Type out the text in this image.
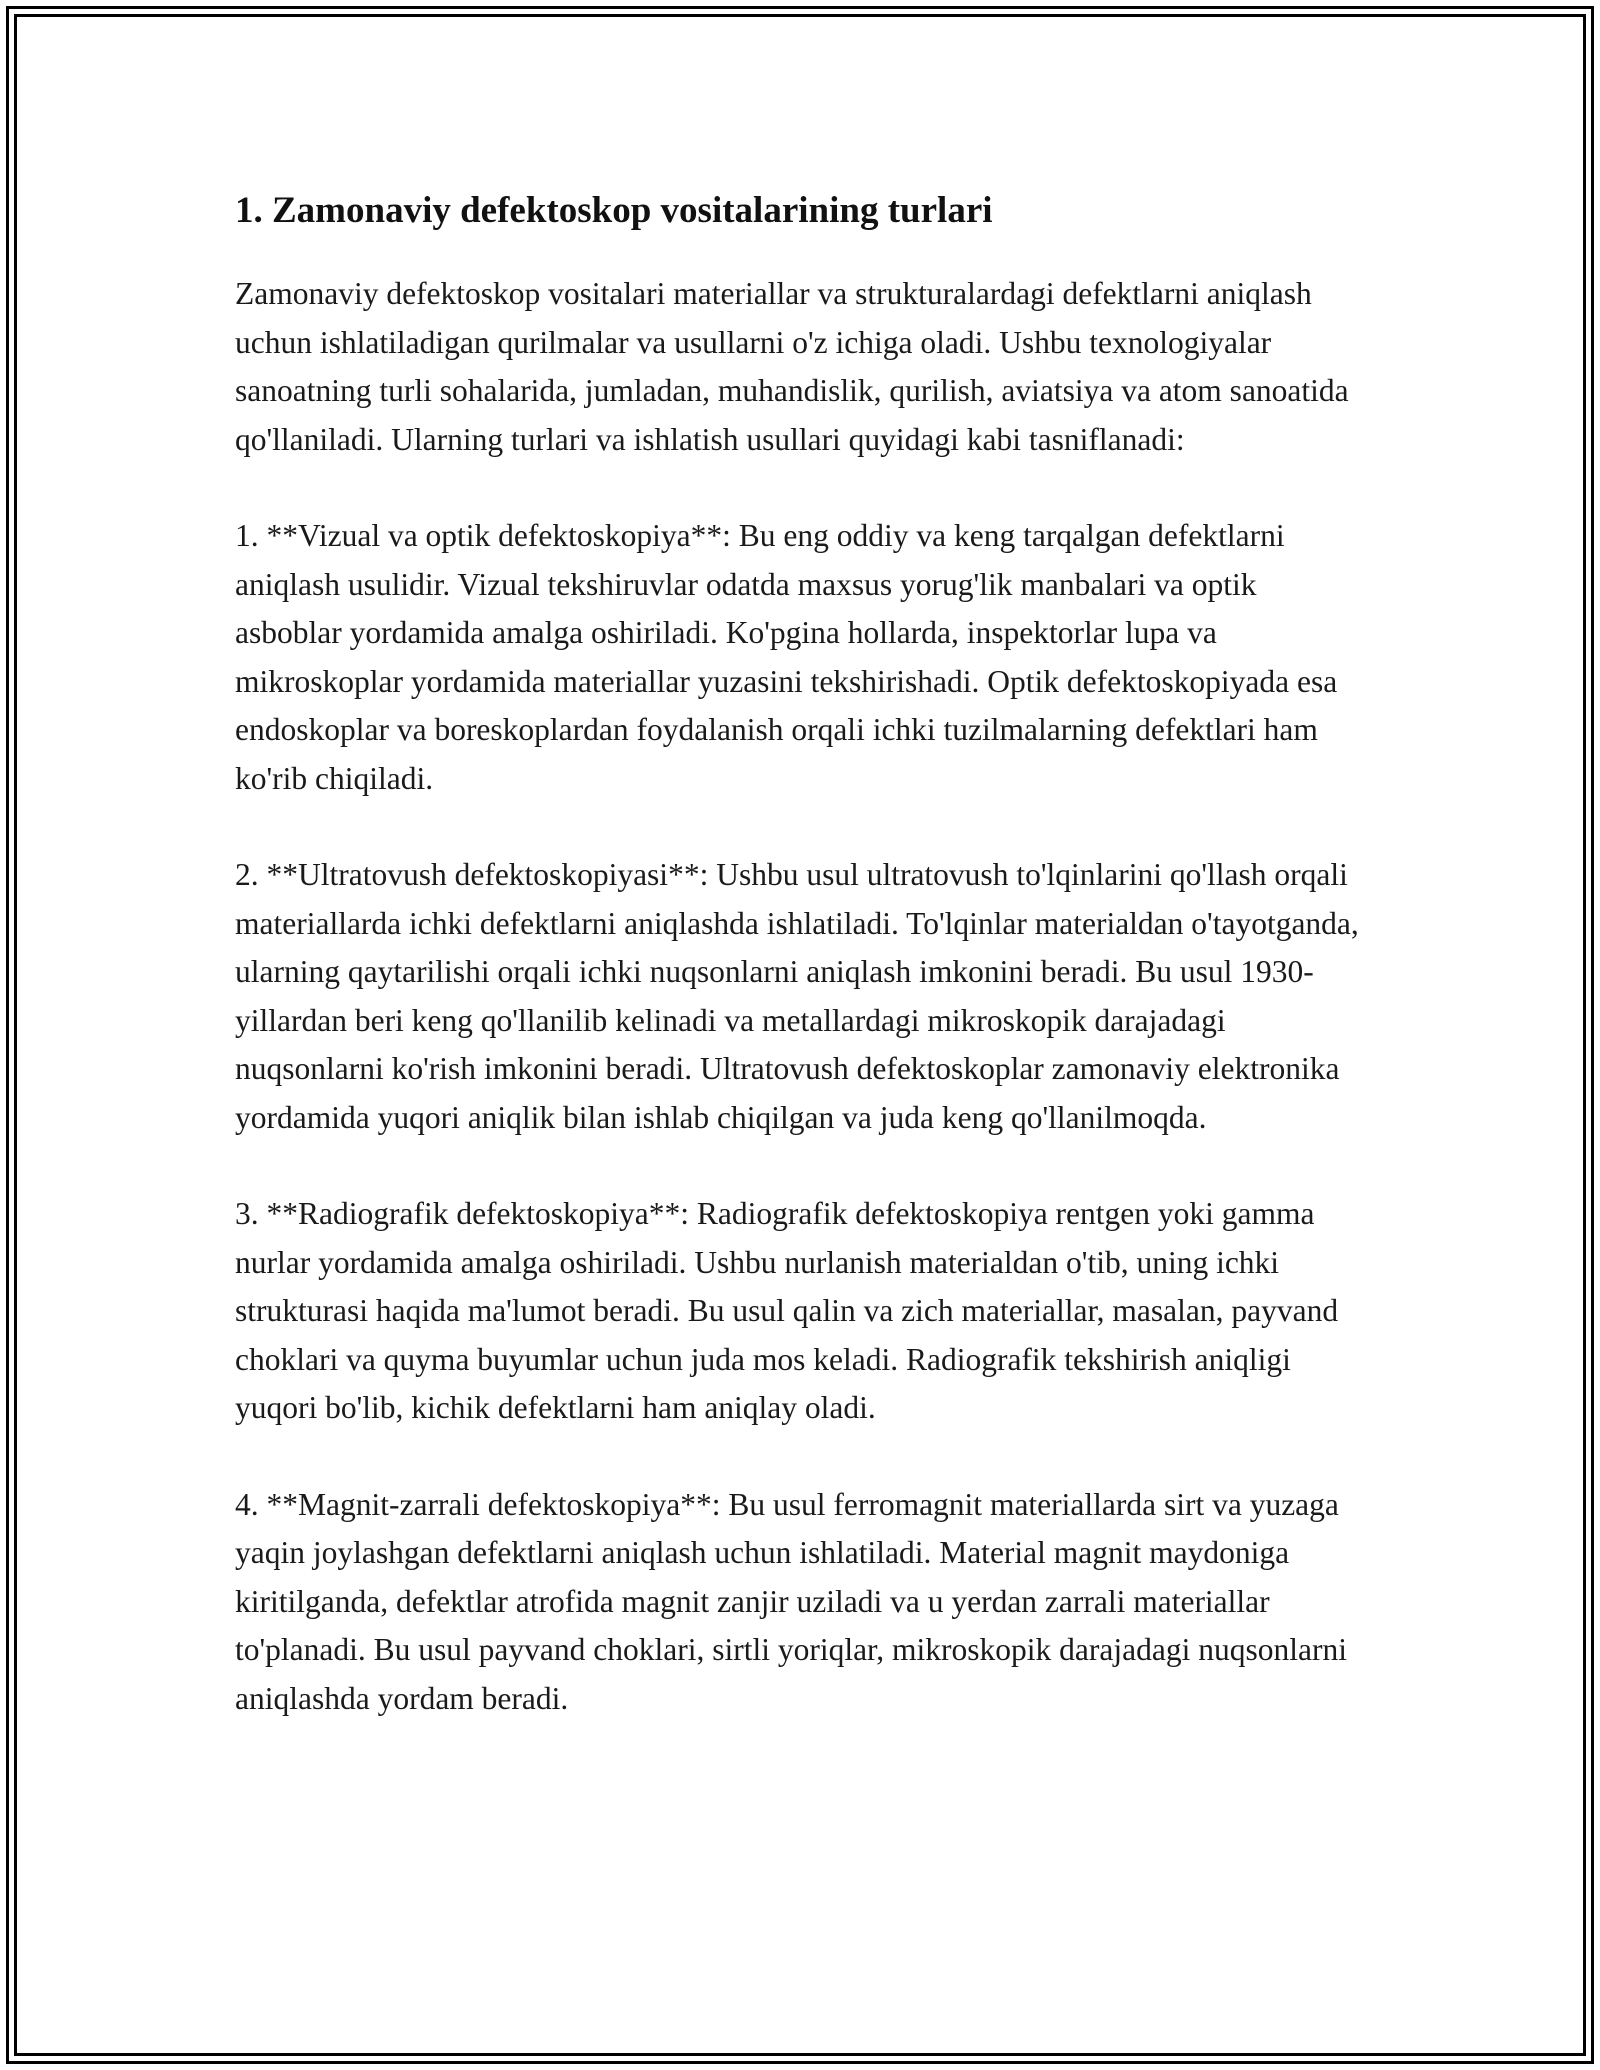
1. Zamonaviy defektoskop vositalarining turlari

Zamonaviy defektoskop vositalari materiallar va strukturalardagi defektlarni aniqlash uchun ishlatiladigan qurilmalar va usullarni o'z ichiga oladi. Ushbu texnologiyalar sanoatning turli sohalarida, jumladan, muhandislik, qurilish, aviatsiya va atom sanoatida qo'llaniladi. Ularning turlari va ishlatish usullari quyidagi kabi tasniflanadi:

1. **Vizual va optik defektoskopiya**: Bu eng oddiy va keng tarqalgan defektlarni aniqlash usulidir. Vizual tekshiruvlar odatda maxsus yorug'lik manbalari va optik asboblar yordamida amalga oshiriladi. Ko'pgina hollarda, inspektorlar lupa va mikroskoplar yordamida materiallar yuzasini tekshirishadi. Optik defektoskopiyada esa endoskoplar va boreskoplardan foydalanish orqali ichki tuzilmalarning defektlari ham ko'rib chiqiladi.

2. **Ultratovush defektoskopiyasi**: Ushbu usul ultratovush to'lqinlarini qo'llash orqali materiallarda ichki defektlarni aniqlashda ishlatiladi. To'lqinlar materialdan o'tayotganda, ularning qaytarilishi orqali ichki nuqsonlarni aniqlash imkonini beradi. Bu usul 1930-yillardan beri keng qo'llanilib kelinadi va metallardagi mikroskopik darajadagi nuqsonlarni ko'rish imkonini beradi. Ultratovush defektoskoplar zamonaviy elektronika yordamida yuqori aniqlik bilan ishlab chiqilgan va juda keng qo'llanilmoqda.

3. **Radiografik defektoskopiya**: Radiografik defektoskopiya rentgen yoki gamma nurlar yordamida amalga oshiriladi. Ushbu nurlanish materialdan o'tib, uning ichki strukturasi haqida ma'lumot beradi. Bu usul qalin va zich materiallar, masalan, payvand choklari va quyma buyumlar uchun juda mos keladi. Radiografik tekshirish aniqligi yuqori bo'lib, kichik defektlarni ham aniqlay oladi.

4. **Magnit-zarrali defektoskopiya**: Bu usul ferromagnit materiallarda sirt va yuzaga yaqin joylashgan defektlarni aniqlash uchun ishlatiladi. Material magnit maydoniga kiritilganda, defektlar atrofida magnit zanjir uziladi va u yerdan zarrali materiallar to'planadi. Bu usul payvand choklari, sirtli yoriqlar, mikroskopik darajadagi nuqsonlarni aniqlashda yordam beradi.
